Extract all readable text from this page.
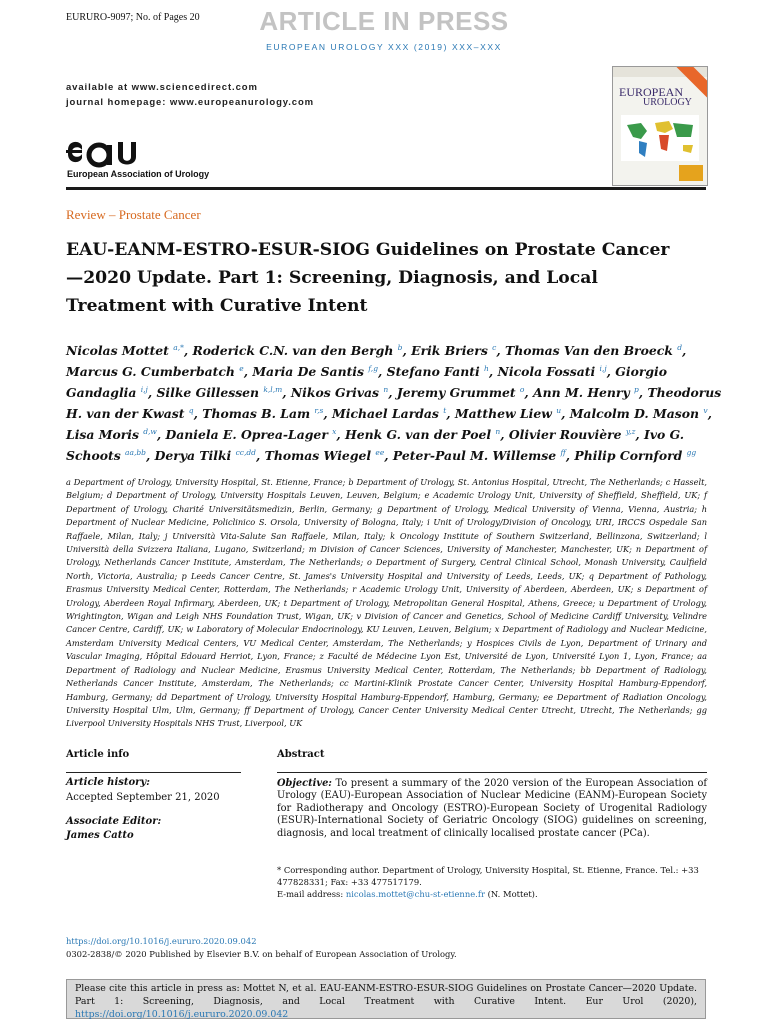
EURURO-9097; No. of Pages 20	ARTICLE IN PRESS
EUROPEAN UROLOGY XXX (2019) XXX–XXX
available at www.sciencedirect.com
journal homepage: www.europeanurology.com
European Association of Urology
EUROPEAN
UROLOGY
Review – Prostate Cancer
EAU-EANM-ESTRO-ESUR-SIOG Guidelines on Prostate Cancer—2020 Update. Part 1: Screening, Diagnosis, and Local Treatment with Curative Intent
Nicolas Mottet $^{a,*}$, Roderick C.N. van den Bergh $^b$, Erik Briers $^c$, Thomas Van den Broeck $^d$, Marcus G. Cumberbatch $^e$, Maria De Santis $^{f,g}$, Stefano Fanti $^h$, Nicola Fossati $^{i,j}$, Giorgio Gandaglia $^{i,j}$, Silke Gillessen $^{k,l,m}$, Nikos Grivas $^n$, Jeremy Grummet $^o$, Ann M. Henry $^p$, Theodorus H. van der Kwast $^q$, Thomas B. Lam $^{r,s}$, Michael Lardas $^t$, Matthew Liew $^u$, Malcolm D. Mason $^v$, Lisa Moris $^{d,w}$, Daniela E. Oprea-Lager $^x$, Henk G. van der Poel $^n$, Olivier Rouvière $^{y,z}$, Ivo G. Schoots $^{aa,bb}$, Derya Tilki $^{cc,dd}$, Thomas Wiegel $^{ee}$, Peter-Paul M. Willemse $^{ff}$, Philip Cornford $^{gg}$
a Department of Urology, University Hospital, St. Etienne, France; b Department of Urology, St. Antonius Hospital, Utrecht, The Netherlands; c Hasselt, Belgium; d Department of Urology, University Hospitals Leuven, Leuven, Belgium; e Academic Urology Unit, University of Sheffield, Sheffield, UK; f Department of Urology, Charité Universitätsmedizin, Berlin, Germany; g Department of Urology, Medical University of Vienna, Vienna, Austria; h Department of Nuclear Medicine, Policlinico S. Orsola, University of Bologna, Italy; i Unit of Urology/Division of Oncology, URI, IRCCS Ospedale San Raffaele, Milan, Italy; j Università Vita-Salute San Raffaele, Milan, Italy; k Oncology Institute of Southern Switzerland, Bellinzona, Switzerland; l Università della Svizzera Italiana, Lugano, Switzerland; m Division of Cancer Sciences, University of Manchester, Manchester, UK; n Department of Urology, Netherlands Cancer Institute, Amsterdam, The Netherlands; o Department of Surgery, Central Clinical School, Monash University, Caulfield North, Victoria, Australia; p Leeds Cancer Centre, St. James's University Hospital and University of Leeds, Leeds, UK; q Department of Pathology, Erasmus University Medical Center, Rotterdam, The Netherlands; r Academic Urology Unit, University of Aberdeen, Aberdeen, UK; s Department of Urology, Aberdeen Royal Infirmary, Aberdeen, UK; t Department of Urology, Metropolitan General Hospital, Athens, Greece; u Department of Urology, Wrightington, Wigan and Leigh NHS Foundation Trust, Wigan, UK; v Division of Cancer and Genetics, School of Medicine Cardiff University, Velindre Cancer Centre, Cardiff, UK; w Laboratory of Molecular Endocrinology, KU Leuven, Leuven, Belgium; x Department of Radiology and Nuclear Medicine, Amsterdam University Medical Centers, VU Medical Center, Amsterdam, The Netherlands; y Hospices Civils de Lyon, Department of Urinary and Vascular Imaging, Hôpital Edouard Herriot, Lyon, France; z Faculté de Médecine Lyon Est, Université de Lyon, Université Lyon 1, Lyon, France; aa Department of Radiology and Nuclear Medicine, Erasmus University Medical Center, Rotterdam, The Netherlands; bb Department of Radiology, Netherlands Cancer Institute, Amsterdam, The Netherlands; cc Martini-Klinik Prostate Cancer Center, University Hospital Hamburg-Eppendorf, Hamburg, Germany; dd Department of Urology, University Hospital Hamburg-Eppendorf, Hamburg, Germany; ee Department of Radiation Oncology, University Hospital Ulm, Ulm, Germany; ff Department of Urology, Cancer Center University Medical Center Utrecht, Utrecht, The Netherlands; gg Liverpool University Hospitals NHS Trust, Liverpool, UK
Article info
Article history:
Accepted September 21, 2020
Associate Editor:
James Catto
Abstract
Objective: To present a summary of the 2020 version of the European Association of Urology (EAU)-European Association of Nuclear Medicine (EANM)-European Society for Radiotherapy and Oncology (ESTRO)-European Society of Urogenital Radiology (ESUR)-International Society of Geriatric Oncology (SIOG) guidelines on screening, diagnosis, and local treatment of clinically localised prostate cancer (PCa).
* Corresponding author. Department of Urology, University Hospital, St. Etienne, France. Tel.: +33 477828331; Fax: +33 477517179.
E-mail address: nicolas.mottet@chu-st-etienne.fr (N. Mottet).
https://doi.org/10.1016/j.eururo.2020.09.042
0302-2838/© 2020 Published by Elsevier B.V. on behalf of European Association of Urology.
Please cite this article in press as: Mottet N, et al. EAU-EANM-ESTRO-ESUR-SIOG Guidelines on Prostate Cancer—2020 Update. Part 1: Screening, Diagnosis, and Local Treatment with Curative Intent. Eur Urol (2020), https://doi.org/10.1016/j.eururo.2020.09.042
